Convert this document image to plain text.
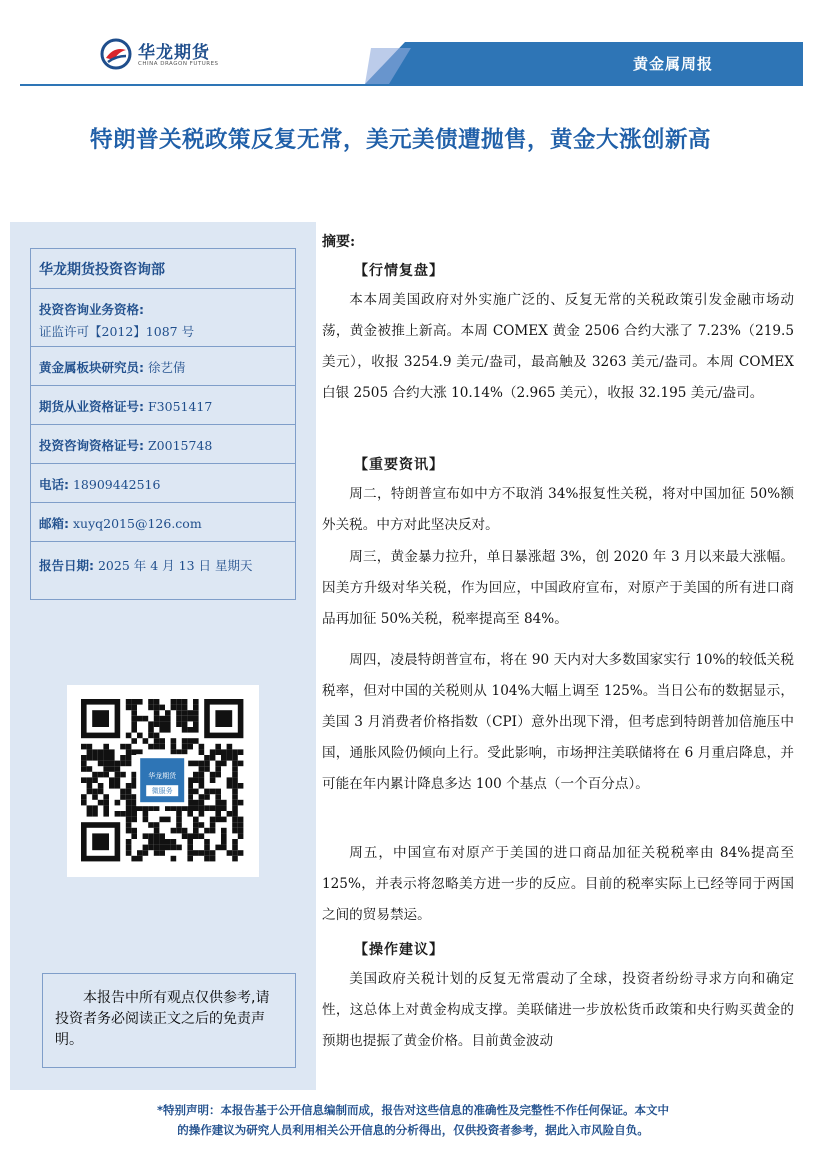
华龙期货
CHINA DRAGON FUTURES	黄金属周报
特朗普关税政策反复无常，美元美债遭抛售，黄金大涨创新高
华龙期货投资咨询部
投资咨询业务资格:
证监许可【2012】1087 号
黄金属板块研究员: 徐艺倩
期货从业资格证号: F3051417
投资咨询资格证号: Z0015748
电话: 18909442516
邮箱: xuyq2015@126.com
报告日期: 2025 年 4 月 13 日 星期天
华龙期货
微服务
本报告中所有观点仅供参考,请投资者务必阅读正文之后的免责声明。
摘要:
【行情复盘】
本本周美国政府对外实施广泛的、反复无常的关税政策引发金融市场动荡，黄金被推上新高。本周 COMEX 黄金 2506 合约大涨了 7.23%（219.5 美元），收报 3254.9 美元/盎司，最高触及 3263 美元/盎司。本周 COMEX 白银 2505 合约大涨 10.14%（2.965 美元），收报 32.195 美元/盎司。
【重要资讯】
周二，特朗普宣布如中方不取消 34%报复性关税，将对中国加征 50%额外关税。中方对此坚决反对。
周三，黄金暴力拉升，单日暴涨超 3%，创 2020 年 3 月以来最大涨幅。因美方升级对华关税，作为回应，中国政府宣布，对原产于美国的所有进口商品再加征 50%关税，税率提高至 84%。
周四，凌晨特朗普宣布，将在 90 天内对大多数国家实行 10%的较低关税税率，但对中国的关税则从 104%大幅上调至 125%。当日公布的数据显示，美国 3 月消费者价格指数（CPI）意外出现下滑，但考虑到特朗普加倍施压中国，通胀风险仍倾向上行。受此影响，市场押注美联储将在 6 月重启降息，并可能在年内累计降息多达 100 个基点（一个百分点）。
周五，中国宣布对原产于美国的进口商品加征关税税率由 84%提高至 125%，并表示将忽略美方进一步的反应。目前的税率实际上已经等同于两国之间的贸易禁运。
【操作建议】
美国政府关税计划的反复无常震动了全球，投资者纷纷寻求方向和确定性，这总体上对黄金构成支撑。美联储进一步放松货币政策和央行购买黄金的预期也提振了黄金价格。目前黄金波动
*特别声明：本报告基于公开信息编制而成，报告对这些信息的准确性及完整性不作任何保证。本文中
的操作建议为研究人员利用相关公开信息的分析得出，仅供投资者参考，据此入市风险自负。
